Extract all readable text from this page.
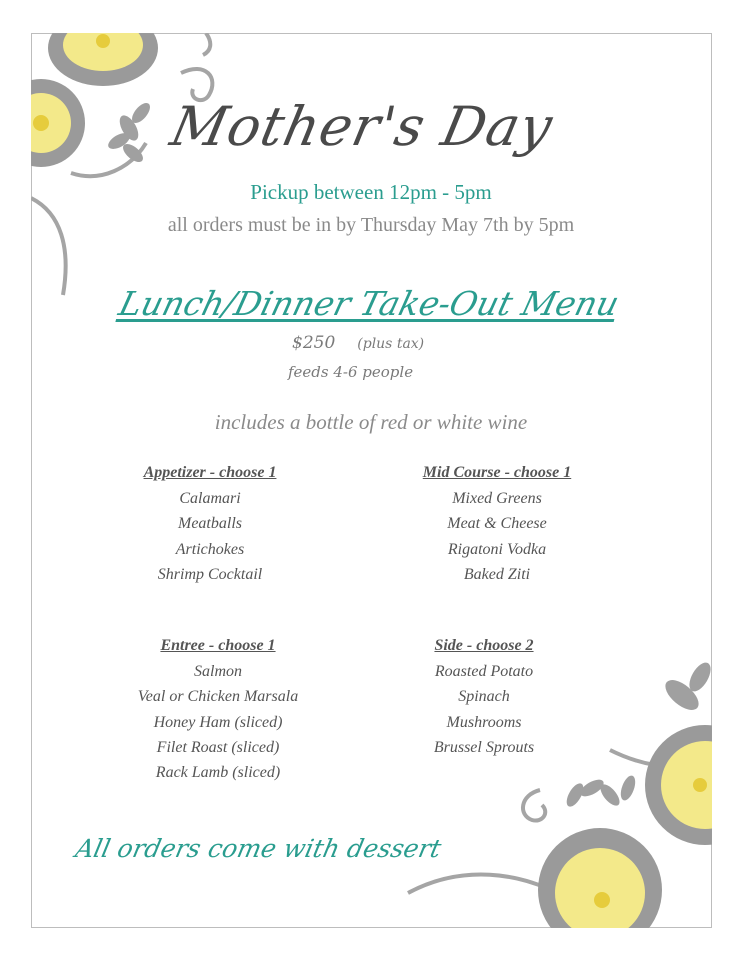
Mother's Day
Pickup between 12pm - 5pm
all orders must be in by Thursday May 7th by 5pm
Lunch/Dinner Take-Out Menu
$250 (plus tax)
feeds 4-6 people
includes a bottle of red or white wine
Appetizer - choose 1
Calamari
Meatballs
Artichokes
Shrimp Cocktail
Mid Course - choose 1
Mixed Greens
Meat & Cheese
Rigatoni Vodka
Baked Ziti
Entree - choose 1
Salmon
Veal or Chicken Marsala
Honey Ham (sliced)
Filet Roast (sliced)
Rack Lamb (sliced)
Side - choose 2
Roasted Potato
Spinach
Mushrooms
Brussel Sprouts
All orders come with dessert
